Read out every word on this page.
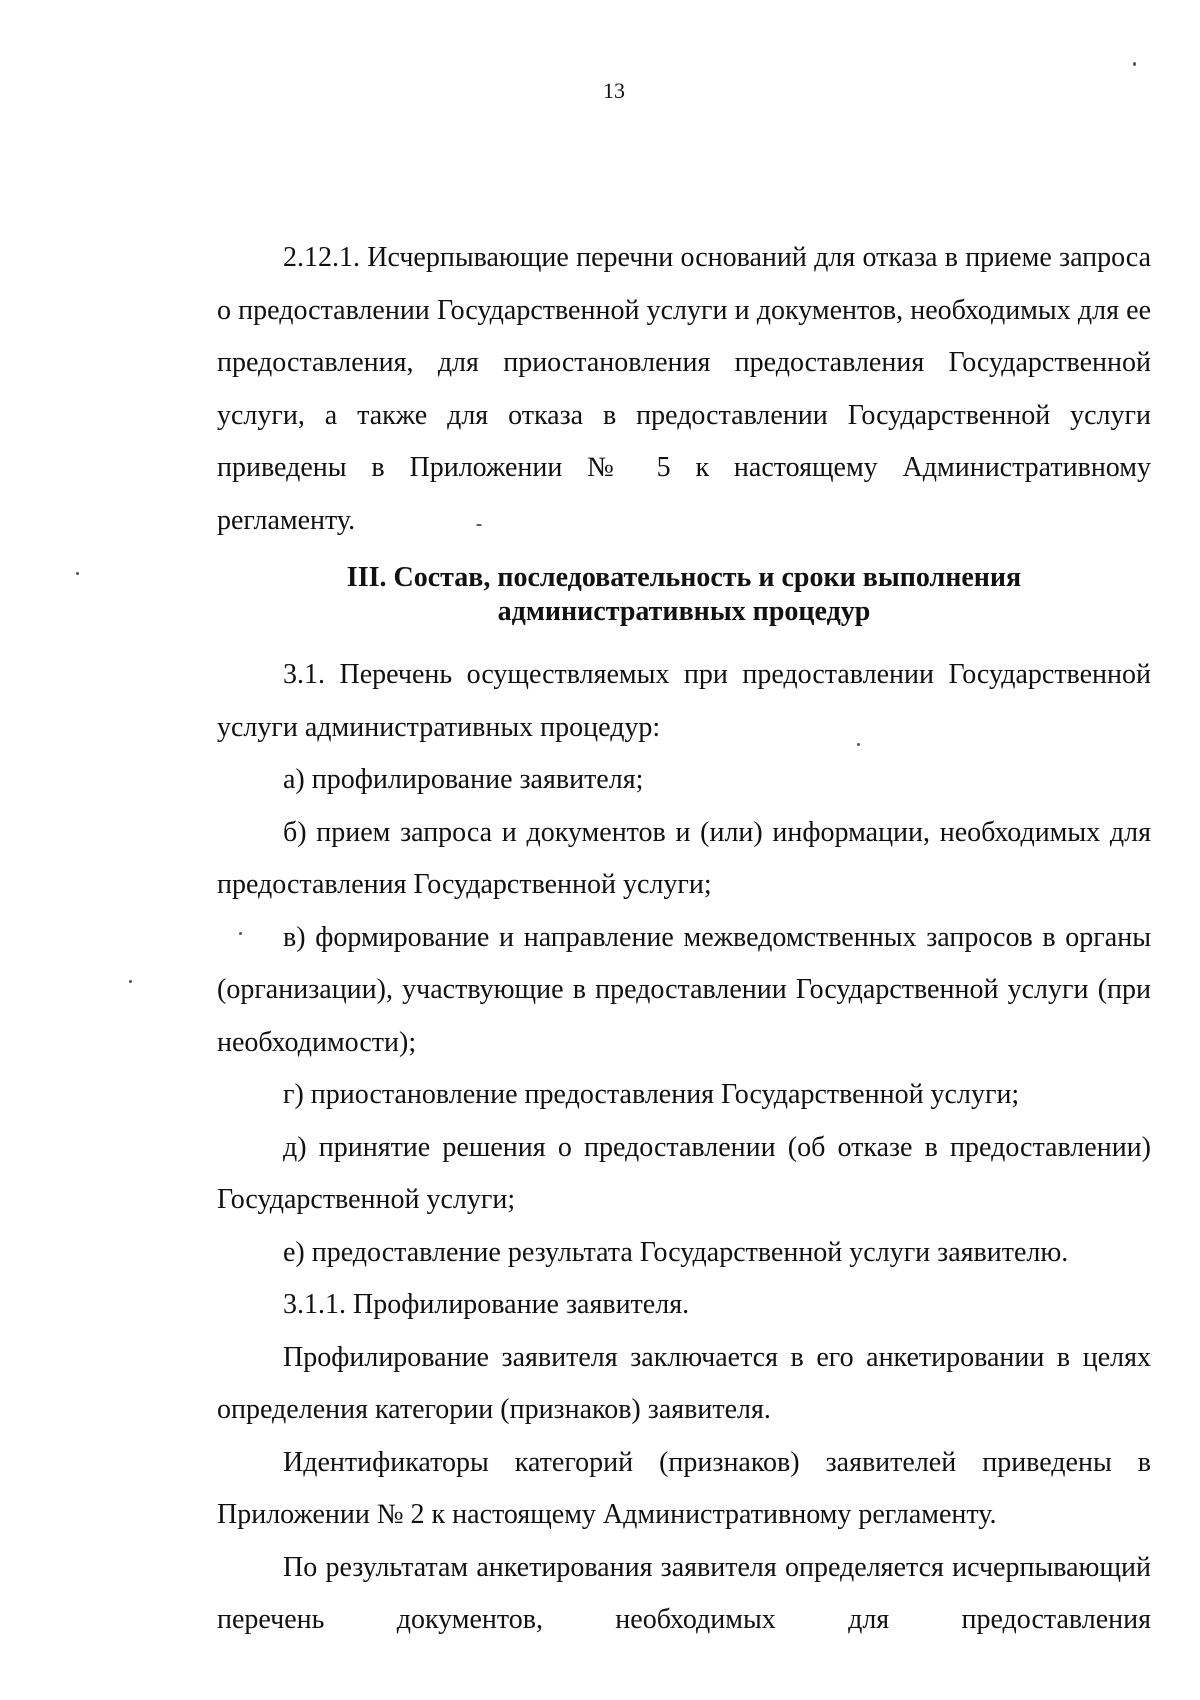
13

2.12.1. Исчерпывающие перечни оснований для отказа в приеме запроса о предоставлении Государственной услуги и документов, необходимых для ее предоставления, для приостановления предоставления Государственной услуги, а также для отказа в предоставлении Государственной услуги приведены в Приложении № 5 к настоящему Административному регламенту.

III. Состав, последовательность и сроки выполнения
административных процедур

3.1. Перечень осуществляемых при предоставлении Государственной услуги административных процедур:

а) профилирование заявителя;

б) прием запроса и документов и (или) информации, необходимых для предоставления Государственной услуги;

в) формирование и направление межведомственных запросов в органы (организации), участвующие в предоставлении Государственной услуги (при необходимости);

г) приостановление предоставления Государственной услуги;

д) принятие решения о предоставлении (об отказе в предоставлении) Государственной услуги;

е) предоставление результата Государственной услуги заявителю.

3.1.1. Профилирование заявителя.

Профилирование заявителя заключается в его анкетировании в целях определения категории (признаков) заявителя.

Идентификаторы категорий (признаков) заявителей приведены в Приложении № 2 к настоящему Административному регламенту.

По результатам анкетирования заявителя определяется исчерпывающий перечень документов, необходимых для предоставления
